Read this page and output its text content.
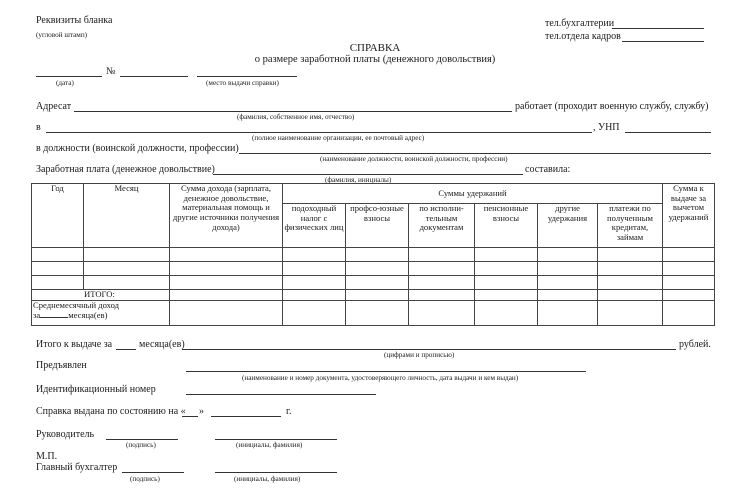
Реквизиты бланка
(угловой штамп)
тел.бухгалтерии
тел.отдела кадров
СПРАВКА
о размере заработной платы (денежного довольствия)
№
(дата)	(место выдачи справки)
Адресат	работает (проходит военную службу, службу)
(фамилия, собственное имя, отчество)
в	, УНП
(полное наименование организации, ее почтовый адрес)
в должности (воинской должности, профессии)
(наименование должности, воинской должности, профессии)
Заработная плата (денежное довольствие)	составила:
(фамилия, инициалы)
Год	Месяц	Сумма дохода (зарплата, денежное довольствие, материальная помощь и другие источники получения дохода)	Суммы удержаний						Сумма к выдаче за вычетом удержаний
			подоходный налог с физических лиц	профсо-юзные взносы	по исполни-тельным документам	пенсионные взносы	другие удержания	платежи по полученным кредитам, займам	

ИТОГО:									
Среднемесячный доход
за месяца(ев)									
Итого к выдаче за	месяца(ев)	рублей.
(цифрами и прописью)
Предъявлен
(наименование и номер документа, удостоверяющего личность, дата выдачи и кем выдан)
Идентификационный номер
Справка выдана по состоянию на « »	г.
Руководитель
(подпись)	(инициалы, фамилия)
М.П.
Главный бухгалтер
(подпись)	(инициалы, фамилия)
